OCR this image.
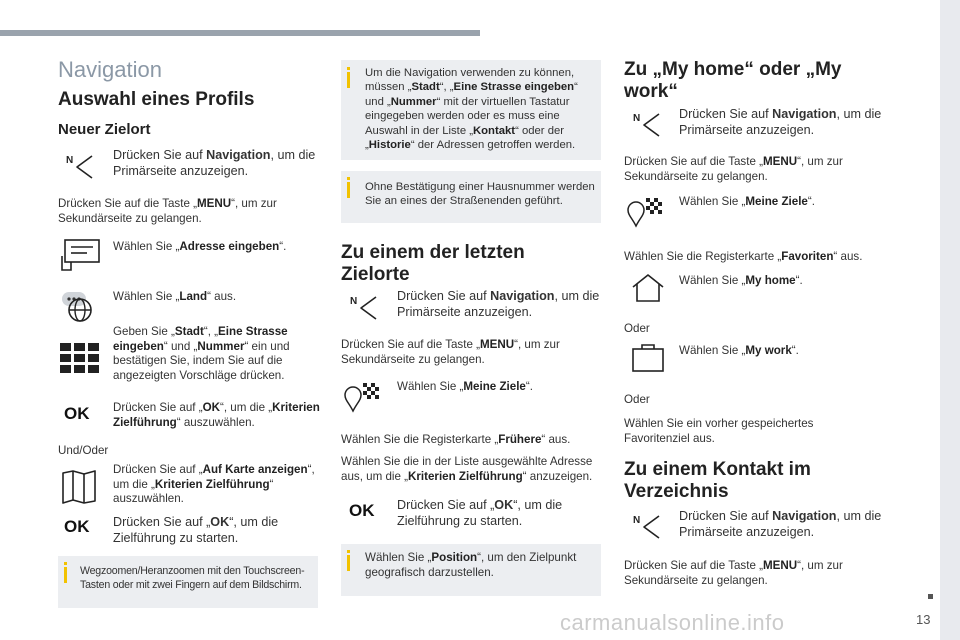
13
carmanualsonline.info
Navigation
Auswahl eines Profils
Neuer Zielort
N	Drücken Sie auf Navigation, um die Primärseite anzuzeigen.
Drücken Sie auf die Taste „MENU“, um zur Sekundärseite zu gelangen.
Wählen Sie „Adresse eingeben“.
Wählen Sie „Land“ aus.
Geben Sie „Stadt“, „Eine Strasse eingeben“ und „Nummer“ ein und bestätigen Sie, indem Sie auf die angezeigten Vorschläge drücken.
OK Drücken Sie auf „OK“, um die „Kriterien Zielführung“ auszuwählen.
Und/Oder
Drücken Sie auf „Auf Karte anzeigen“, um die „Kriterien Zielführung“ auszuwählen.
OK Drücken Sie auf „OK“, um die Zielführung zu starten.
Wegzoomen/Heranzoomen mit den Touchscreen-Tasten oder mit zwei Fingern auf dem Bildschirm.
Um die Navigation verwenden zu können, müssen „Stadt“, „Eine Strasse eingeben“ und „Nummer“ mit der virtuellen Tastatur eingegeben werden oder es muss eine Auswahl in der Liste „Kontakt“ oder der „Historie“ der Adressen getroffen werden.
Ohne Bestätigung einer Hausnummer werden Sie an eines der Straßenenden geführt.
Zu einem der letzten Zielorte
N	Drücken Sie auf Navigation, um die Primärseite anzuzeigen.
Drücken Sie auf die Taste „MENU“, um zur Sekundärseite zu gelangen.
Wählen Sie „Meine Ziele“.
Wählen Sie die Registerkarte „Frühere“ aus.
Wählen Sie die in der Liste ausgewählte Adresse aus, um die „Kriterien Zielführung“ anzuzeigen.
OK Drücken Sie auf „OK“, um die Zielführung zu starten.
Wählen Sie „Position“, um den Zielpunkt geografisch darzustellen.
Zu „My home“ oder „My work“
N	Drücken Sie auf Navigation, um die Primärseite anzuzeigen.
Drücken Sie auf die Taste „MENU“, um zur Sekundärseite zu gelangen.
Wählen Sie „Meine Ziele“.
Wählen Sie die Registerkarte „Favoriten“ aus.
Wählen Sie „My home“.
Oder
Wählen Sie „My work“.
Oder
Wählen Sie ein vorher gespeichertes Favoritenziel aus.
Zu einem Kontakt im Verzeichnis
N	Drücken Sie auf Navigation, um die Primärseite anzuzeigen.
Drücken Sie auf die Taste „MENU“, um zur Sekundärseite zu gelangen.
